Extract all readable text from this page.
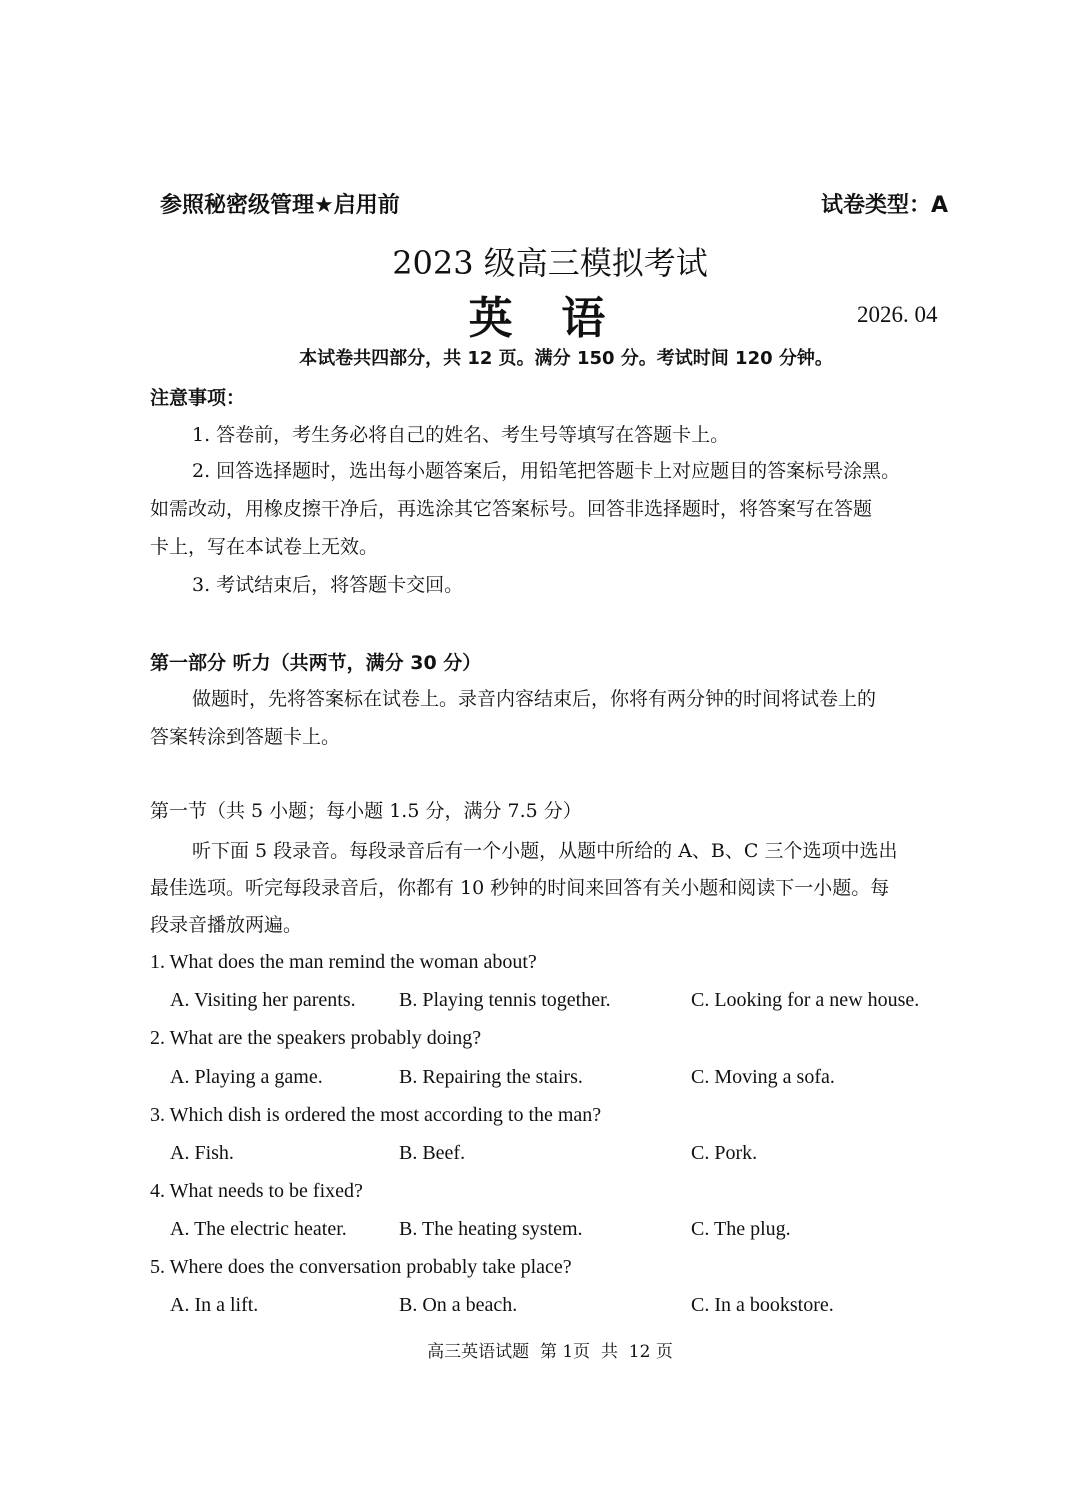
参照秘密级管理★启用前	试卷类型：A
2023 级高三模拟考试
英  语	2026. 04
本试卷共四部分，共 12 页。满分 150 分。考试时间 120 分钟。
注意事项：
1. 答卷前，考生务必将自己的姓名、考生号等填写在答题卡上。
2. 回答选择题时，选出每小题答案后，用铅笔把答题卡上对应题目的答案标号涂黑。
如需改动，用橡皮擦干净后，再选涂其它答案标号。回答非选择题时，将答案写在答题
卡上，写在本试卷上无效。
3. 考试结束后，将答题卡交回。
第一部分 听力（共两节，满分 30 分）
做题时，先将答案标在试卷上。录音内容结束后，你将有两分钟的时间将试卷上的
答案转涂到答题卡上。
第一节（共 5 小题；每小题 1.5 分，满分 7.5 分）
听下面 5 段录音。每段录音后有一个小题，从题中所给的 A、B、C 三个选项中选出
最佳选项。听完每段录音后，你都有 10 秒钟的时间来回答有关小题和阅读下一小题。每
段录音播放两遍。
1. What does the man remind the woman about?
A. Visiting her parents. B. Playing tennis together.	C. Looking for a new house.
2. What are the speakers probably doing?
A. Playing a game.	B. Repairing the stairs.	C. Moving a sofa.
3. Which dish is ordered the most according to the man?
A. Fish.	B. Beef.	C. Pork.
4. What needs to be fixed?
A. The electric heater.	B. The heating system.	C. The plug.
5. Where does the conversation probably take place?
A. In a lift.	B. On a beach.	C. In a bookstore.
高三英语试题  第 1页  共  12 页
